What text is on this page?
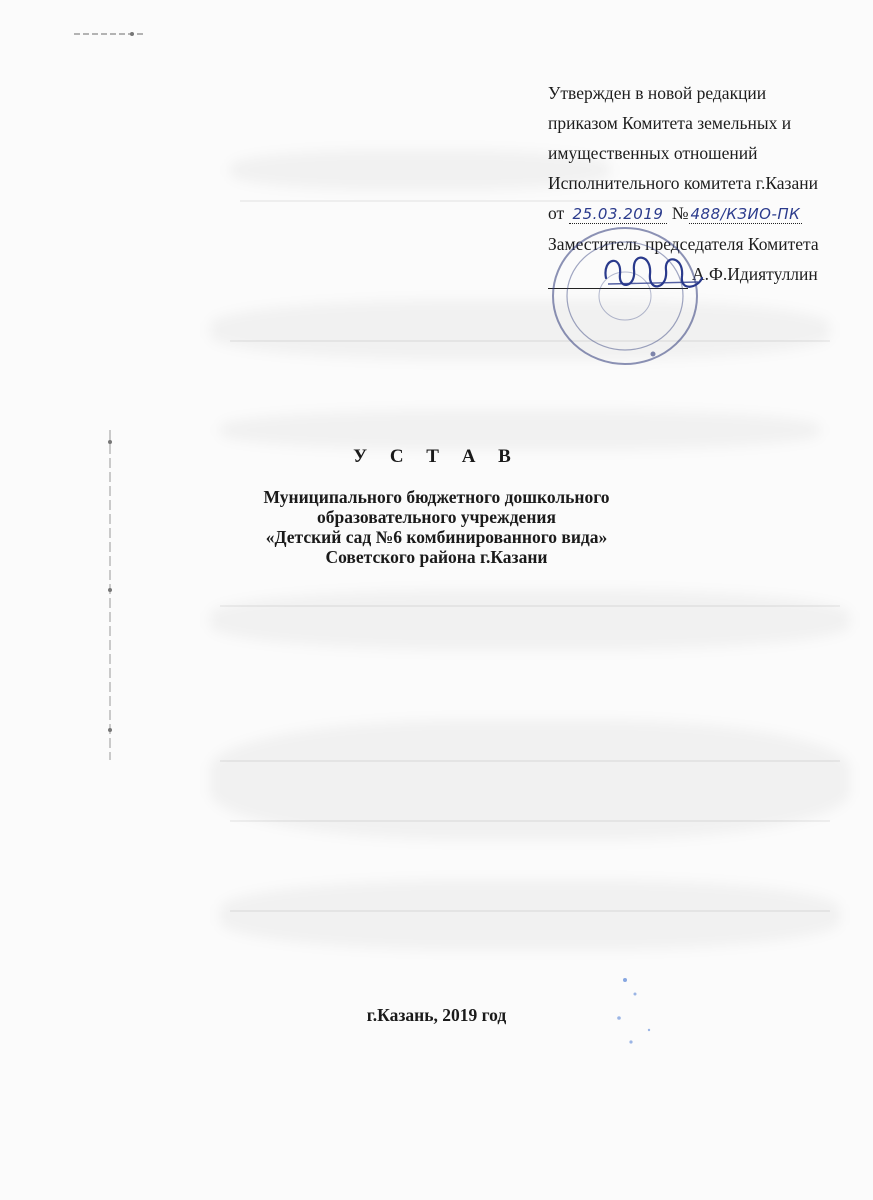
Утвержден в новой редакции
приказом Комитета земельных и
имущественных отношений
Исполнительного комитета г.Казани
от 25.03.2019 № 488/КЗИО-ПК
Заместитель председателя Комитета
А.Ф.Идиятуллин
У С Т А В
Муниципального бюджетного дошкольного
образовательного учреждения
«Детский сад №6 комбинированного вида»
Советского района г.Казани
г.Казань, 2019 год
